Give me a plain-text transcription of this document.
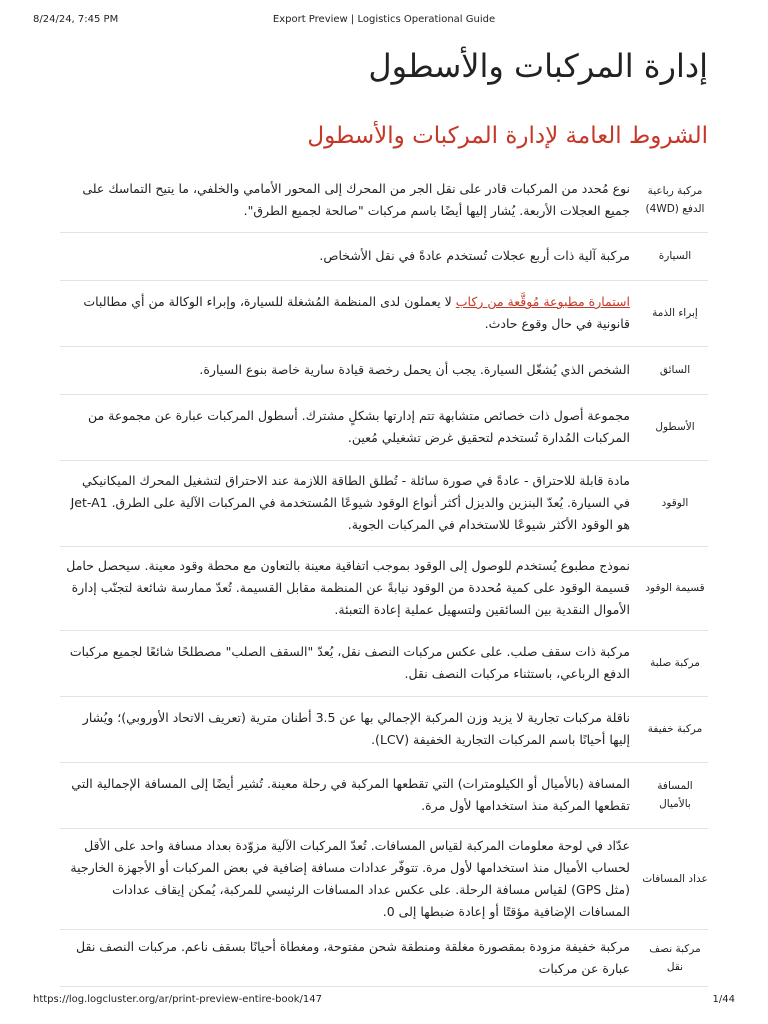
8/24/24, 7:45 PM	Export Preview | Logistics Operational Guide
إدارة المركبات والأسطول
الشروط العامة لإدارة المركبات والأسطول
مركبة رباعية الدفع (4WD)	نوع مُحدد من المركبات قادر على نقل الجر من المحرك إلى المحور الأمامي والخلفي، ما يتيح التماسك على جميع العجلات الأربعة. يُشار إليها أيضًا باسم مركبات "صالحة لجميع الطرق".
السيارة	مركبة آلية ذات أربع عجلات تُستخدم عادةً في نقل الأشخاص.
إبراء الذمة	استمارة مطبوعة مُوقَّعة من ركاب لا يعملون لدى المنظمة المُشغلة للسيارة، وإبراء الوكالة من أي مطالبات قانونية في حال وقوع حادث.
السائق	الشخص الذي يُشغّل السيارة. يجب أن يحمل رخصة قيادة سارية خاصة بنوع السيارة.
الأسطول	مجموعة أصول ذات خصائص متشابهة تتم إدارتها بشكلٍ مشترك. أسطول المركبات عبارة عن مجموعة من المركبات المُدارة تُستخدم لتحقيق غرض تشغيلي مُعين.
الوقود	مادة قابلة للاحتراق - عادةً في صورة سائلة - تُطلق الطاقة اللازمة عند الاحتراق لتشغيل المحرك الميكانيكي في السيارة. يُعدّ البنزين والديزل أكثر أنواع الوقود شيوعًا المُستخدمة في المركبات الآلية على الطرق. Jet-A1 هو الوقود الأكثر شيوعًا للاستخدام في المركبات الجوية.
قسيمة الوقود	نموذج مطبوع يُستخدم للوصول إلى الوقود بموجب اتفاقية معينة بالتعاون مع محطة وقود معينة. سيحصل حامل قسيمة الوقود على كمية مُحددة من الوقود نيابةً عن المنظمة مقابل القسيمة. تُعدّ ممارسة شائعة لتجنّب إدارة الأموال النقدية بين السائقين ولتسهيل عملية إعادة التعبئة.
مركبة صلبة	مركبة ذات سقف صلب. على عكس مركبات النصف نقل، يُعدّ "السقف الصلب" مصطلحًا شائعًا لجميع مركبات الدفع الرباعي، باستثناء مركبات النصف نقل.
مركبة خفيفة	ناقلة مركبات تجارية لا يزيد وزن المركبة الإجمالي بها عن 3.5 أطنان مترية (تعريف الاتحاد الأوروبي)؛ ويُشار إليها أحيانًا باسم المركبات التجارية الخفيفة (LCV).
المسافة بالأميال	المسافة (بالأميال أو الكيلومترات) التي تقطعها المركبة في رحلة معينة. تُشير أيضًا إلى المسافة الإجمالية التي تقطعها المركبة منذ استخدامها لأول مرة.
عداد المسافات	عدّاد في لوحة معلومات المركبة لقياس المسافات. تُعدّ المركبات الآلية مزوّدة بعداد مسافة واحد على الأقل لحساب الأميال منذ استخدامها لأول مرة. تتوفّر عدادات مسافة إضافية في بعض المركبات أو الأجهزة الخارجية (مثل GPS) لقياس مسافة الرحلة. على عكس عداد المسافات الرئيسي للمركبة، يُمكن إيقاف عدادات المسافات الإضافية مؤقتًا أو إعادة ضبطها إلى 0.
مركبة نصف نقل	مركبة خفيفة مزودة بمقصورة مغلقة ومنطقة شحن مفتوحة، ومغطاة أحيانًا بسقف ناعم. مركبات النصف نقل عبارة عن مركبات
https://log.logcluster.org/ar/print-preview-entire-book/147	1/44
